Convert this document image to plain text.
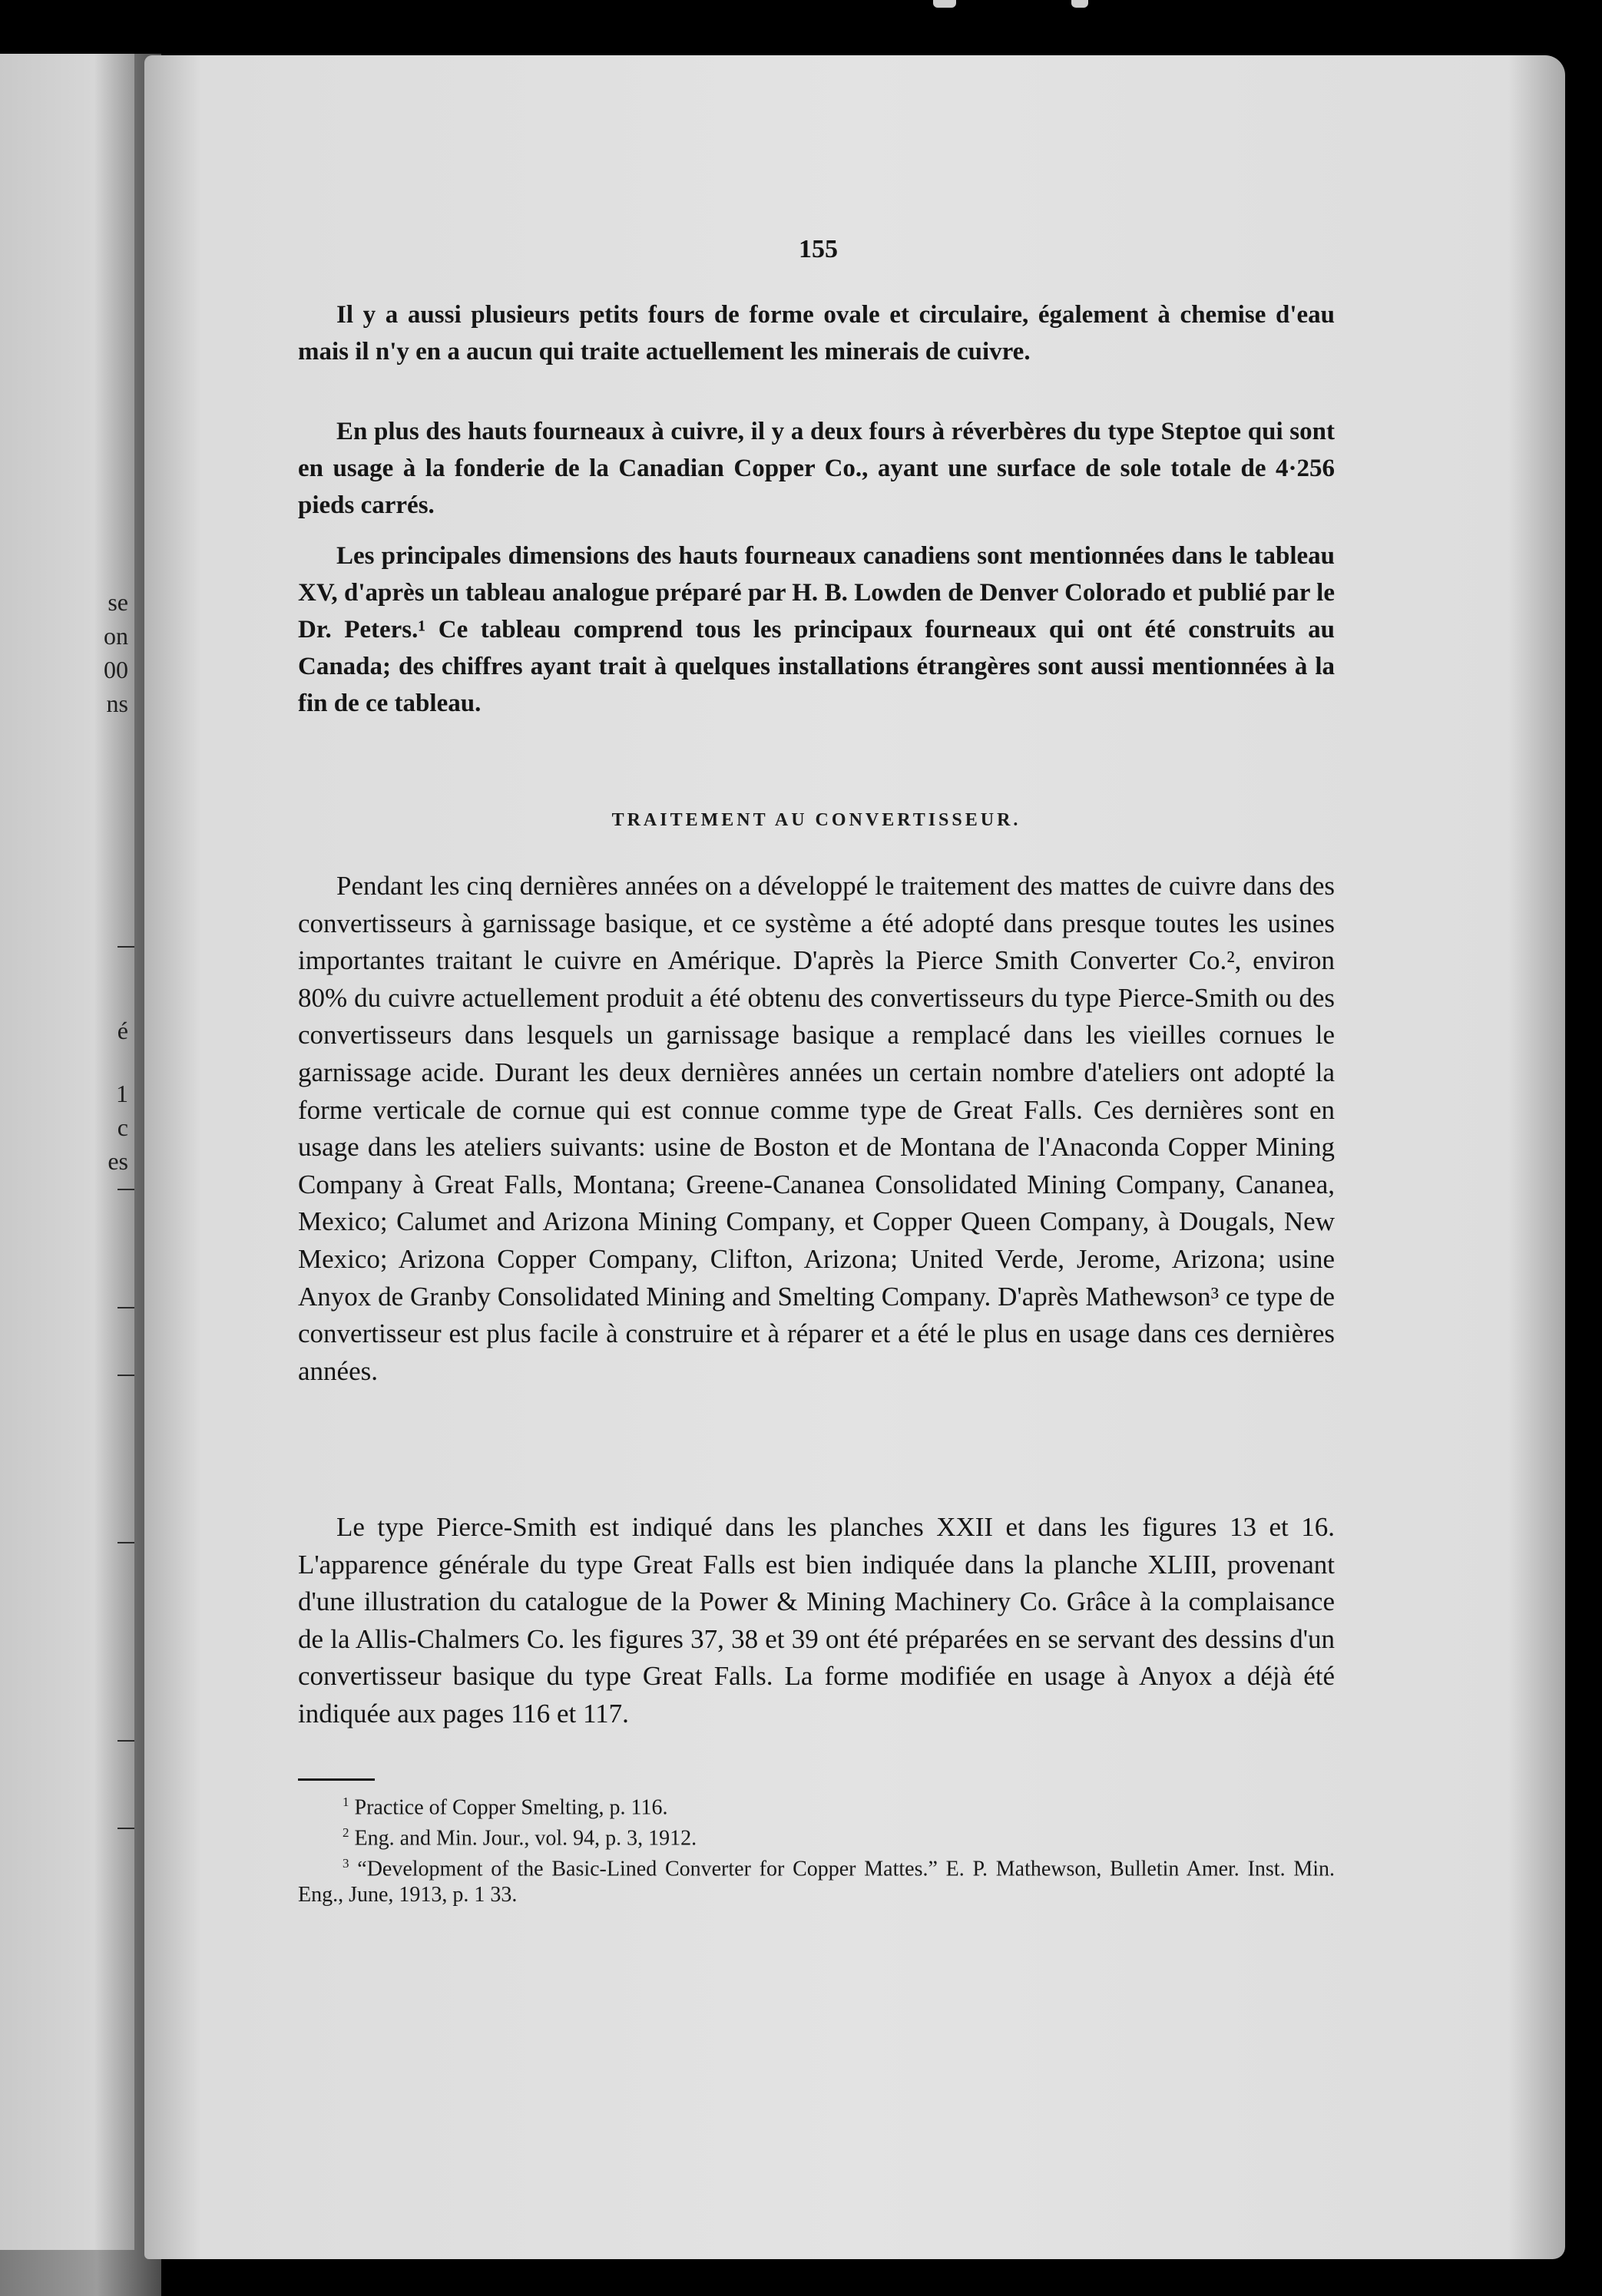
se
on
00
ns
é
1
c
es
155

Il y a aussi plusieurs petits fours de forme ovale et circulaire, également à chemise d'eau mais il n'y en a aucun qui traite actuellement les minerais de cuivre.

En plus des hauts fourneaux à cuivre, il y a deux fours à réverbères du type Steptoe qui sont en usage à la fonderie de la Canadian Copper Co., ayant une surface de sole totale de 4·256 pieds carrés.

Les principales dimensions des hauts fourneaux canadiens sont mentionnées dans le tableau XV, d'après un tableau analogue préparé par H. B. Lowden de Denver Colorado et publié par le Dr. Peters.¹ Ce tableau comprend tous les principaux fourneaux qui ont été construits au Canada; des chiffres ayant trait à quelques installations étrangères sont aussi mentionnées à la fin de ce tableau.

TRAITEMENT AU CONVERTISSEUR.

Pendant les cinq dernières années on a développé le traitement des mattes de cuivre dans des convertisseurs à garnissage basique, et ce système a été adopté dans presque toutes les usines importantes traitant le cuivre en Amérique. D'après la Pierce Smith Converter Co.², environ 80% du cuivre actuellement produit a été obtenu des convertisseurs du type Pierce-Smith ou des convertisseurs dans lesquels un garnissage basique a remplacé dans les vieilles cornues le garnissage acide. Durant les deux dernières années un certain nombre d'ateliers ont adopté la forme verticale de cornue qui est connue comme type de Great Falls. Ces dernières sont en usage dans les ateliers suivants: usine de Boston et de Montana de l'Anaconda Copper Mining Company à Great Falls, Montana; Greene-Cananea Consolidated Mining Company, Cananea, Mexico; Calumet and Arizona Mining Company, et Copper Queen Company, à Dougals, New Mexico; Arizona Copper Company, Clifton, Arizona; United Verde, Jerome, Arizona; usine Anyox de Granby Consolidated Mining and Smelting Company. D'après Mathewson³ ce type de convertisseur est plus facile à construire et à réparer et a été le plus en usage dans ces dernières années.

Le type Pierce-Smith est indiqué dans les planches XXII et dans les figures 13 et 16. L'apparence générale du type Great Falls est bien indiquée dans la planche XLIII, provenant d'une illustration du catalogue de la Power & Mining Machinery Co. Grâce à la complaisance de la Allis-Chalmers Co. les figures 37, 38 et 39 ont été préparées en se servant des dessins d'un convertisseur basique du type Great Falls. La forme modifiée en usage à Anyox a déjà été indiquée aux pages 116 et 117.

$^1$ Practice of Copper Smelting, p. 116.

$^2$ Eng. and Min. Jour., vol. 94, p. 3, 1912.

$^3$ “Development of the Basic-Lined Converter for Copper Mattes.” E. P. Mathewson, Bulletin Amer. Inst. Min. Eng., June, 1913, p. 1 33.
